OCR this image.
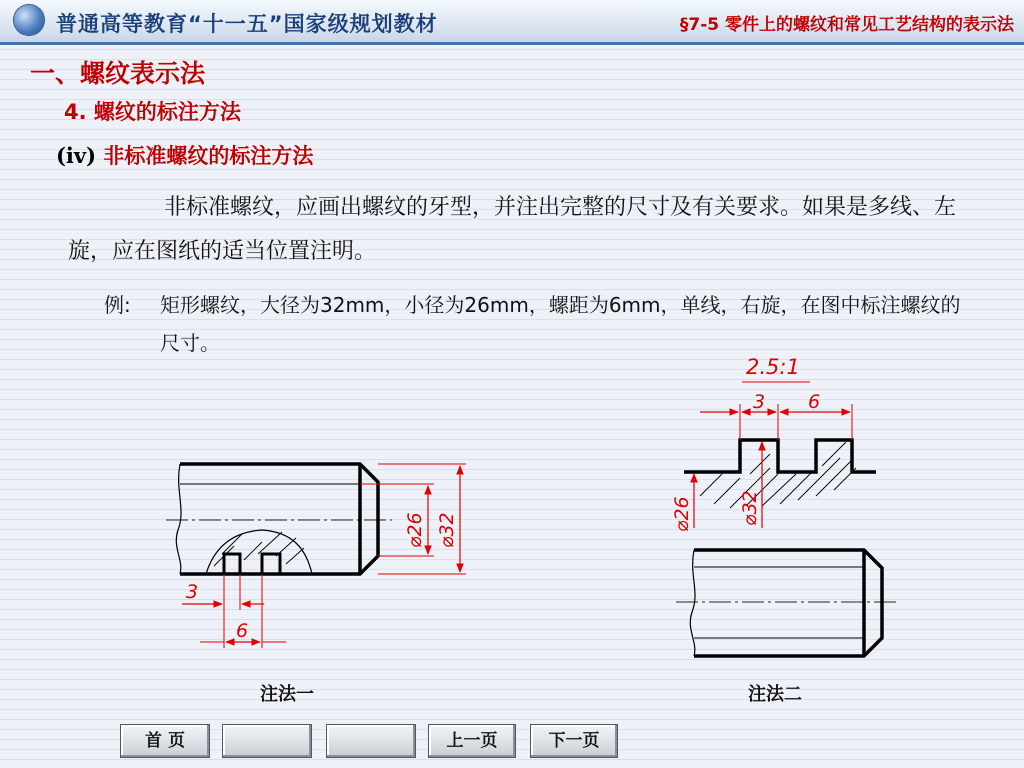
普通高等教育“十一五”国家级规划教材	§7-5 零件上的螺纹和常见工艺结构的表示法
一、螺纹表示法
4. 螺纹的标注方法
(ⅳ) 非标准螺纹的标注方法
非标准螺纹，应画出螺纹的牙型，并注出完整的尺寸及有关要求。如果是多线、左旋，应在图纸的适当位置注明。
例: 矩形螺纹，大径为32mm，小径为26mm，螺距为6mm，单线，右旋，在图中标注螺纹的尺寸。
⌀26 ⌀32
3
6
2.5:1
3 6
⌀26 ⌀32
注法一	注法二
首 页	上一页	下一页
